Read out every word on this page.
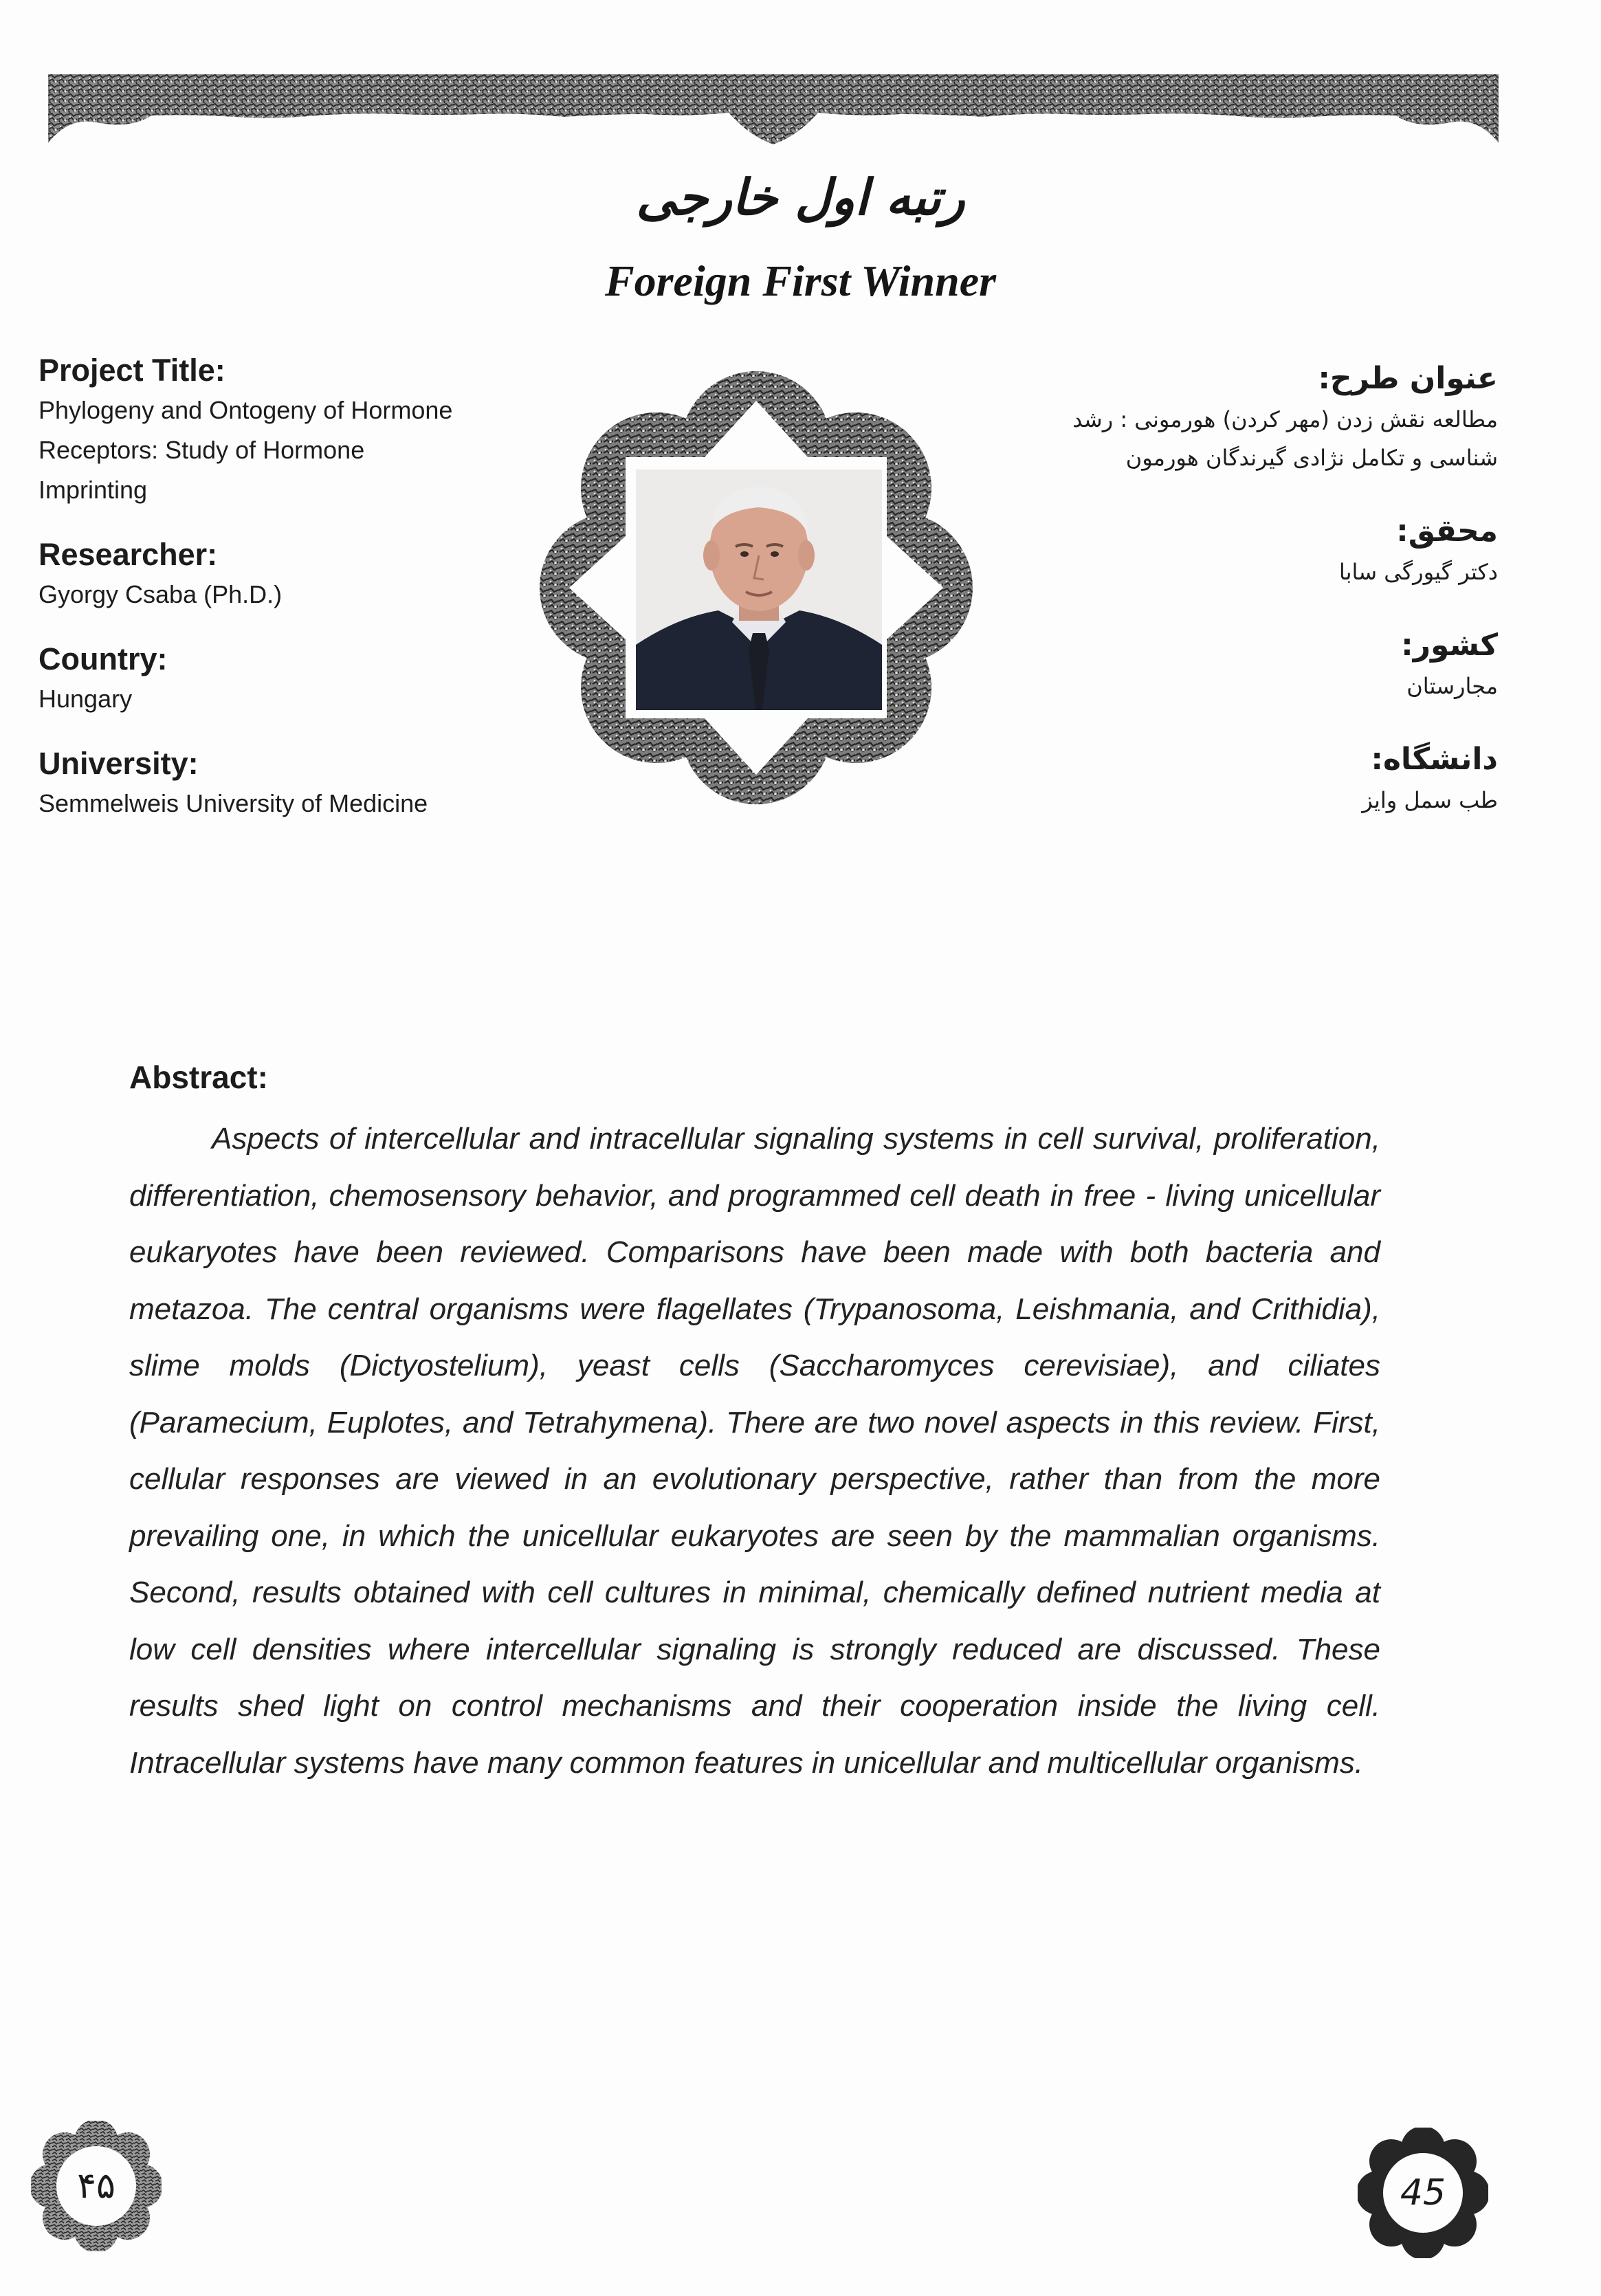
رتبه اول خارجی
Foreign First Winner

Project Title:

Phylogeny and Ontogeny of Hormone

Receptors: Study of Hormone

Imprinting

Researcher:

Gyorgy Csaba (Ph.D.)

Country:

Hungary

University:

Semmelweis University of Medicine

عنوان طرح:

مطالعه نقش زدن (مهر کردن) هورمونی : رشد

شناسی و تکامل نژادی گیرندگان هورمون

محقق:

دکتر گیورگی سابا

کشور:

مجارستان

دانشگاه:

طب سمل وایز

Abstract:

Aspects of intercellular and intracellular signaling systems in cell survival, proliferation, differentiation, chemosensory behavior, and programmed cell death in free - living unicellular eukaryotes have been reviewed. Comparisons have been made with both bacteria and metazoa. The central organisms were flagellates (Trypanosoma, Leishmania, and Crithidia), slime molds (Dictyostelium), yeast cells (Saccharomyces cerevisiae), and ciliates (Paramecium, Euplotes, and Tetrahymena). There are two novel aspects in this review. First, cellular responses are viewed in an evolutionary perspective, rather than from the more prevailing one, in which the unicellular eukaryotes are seen by the mammalian organisms. Second, results obtained with cell cultures in minimal, chemically defined nutrient media at low cell densities where intercellular signaling is strongly reduced are discussed. These results shed light on control mechanisms and their cooperation inside the living cell. Intracellular systems have many common features in unicellular and multicellular organisms.

۴۵	45
